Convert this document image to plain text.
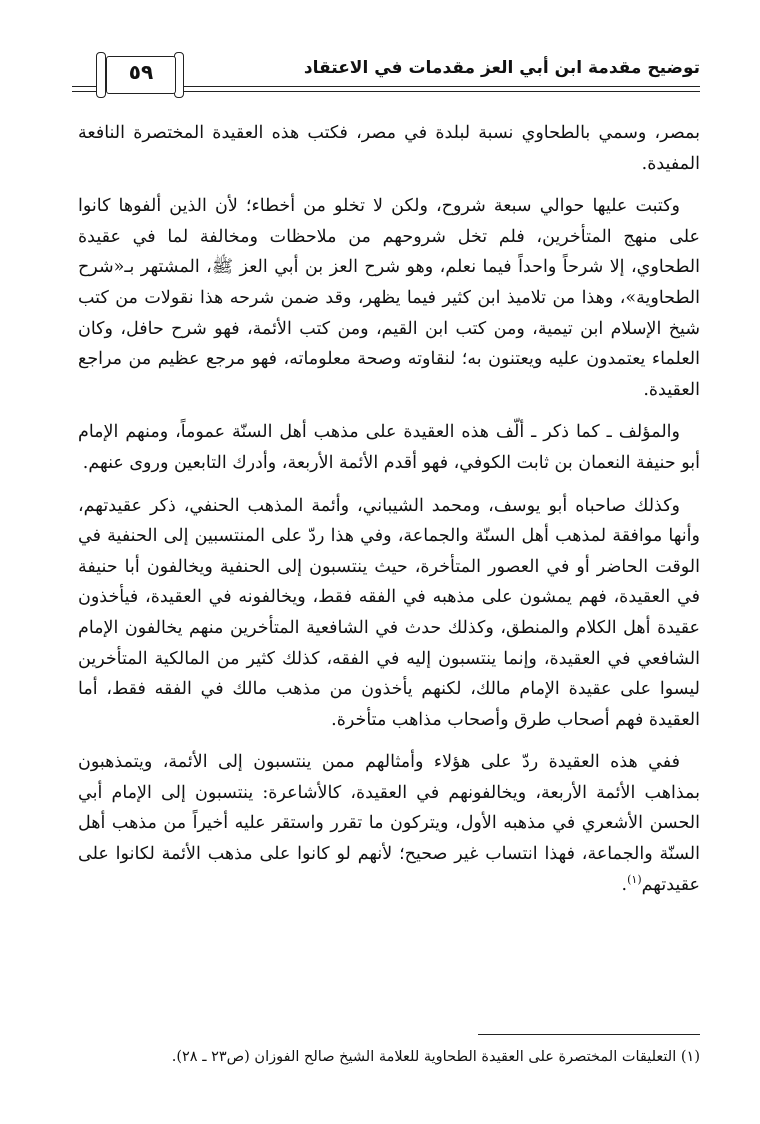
توضيح مقدمة ابن أبي العز مقدمات في الاعتقاد
٥٩

بمصر، وسمي بالطحاوي نسبة لبلدة في مصر، فكتب هذه العقيدة المختصرة النافعة المفيدة.

وكتبت عليها حوالي سبعة شروح، ولكن لا تخلو من أخطاء؛ لأن الذين ألفوها كانوا على منهج المتأخرين، فلم تخل شروحهم من ملاحظات ومخالفة لما في عقيدة الطحاوي، إلا شرحاً واحداً فيما نعلم، وهو شرح العز بن أبي العز ﷺ، المشتهر بـ«شرح الطحاوية»، وهذا من تلاميذ ابن كثير فيما يظهر، وقد ضمن شرحه هذا نقولات من كتب شيخ الإسلام ابن تيمية، ومن كتب ابن القيم، ومن كتب الأئمة، فهو شرح حافل، وكان العلماء يعتمدون عليه ويعتنون به؛ لنقاوته وصحة معلوماته، فهو مرجع عظيم من مراجع العقيدة.

والمؤلف ـ كما ذكر ـ ألّف هذه العقيدة على مذهب أهل السنّة عموماً، ومنهم الإمام أبو حنيفة النعمان بن ثابت الكوفي، فهو أقدم الأئمة الأربعة، وأدرك التابعين وروى عنهم.

وكذلك صاحباه أبو يوسف، ومحمد الشيباني، وأئمة المذهب الحنفي، ذكر عقيدتهم، وأنها موافقة لمذهب أهل السنّة والجماعة، وفي هذا ردّ على المنتسبين إلى الحنفية في الوقت الحاضر أو في العصور المتأخرة، حيث ينتسبون إلى الحنفية ويخالفون أبا حنيفة في العقيدة، فهم يمشون على مذهبه في الفقه فقط، ويخالفونه في العقيدة، فيأخذون عقيدة أهل الكلام والمنطق، وكذلك حدث في الشافعية المتأخرين منهم يخالفون الإمام الشافعي في العقيدة، وإنما ينتسبون إليه في الفقه، كذلك كثير من المالكية المتأخرين ليسوا على عقيدة الإمام مالك، لكنهم يأخذون من مذهب مالك في الفقه فقط، أما العقيدة فهم أصحاب طرق وأصحاب مذاهب متأخرة.

ففي هذه العقيدة ردّ على هؤلاء وأمثالهم ممن ينتسبون إلى الأئمة، ويتمذهبون بمذاهب الأئمة الأربعة، ويخالفونهم في العقيدة، كالأشاعرة: ينتسبون إلى الإمام أبي الحسن الأشعري في مذهبه الأول، ويتركون ما تقرر واستقر عليه أخيراً من مذهب أهل السنّة والجماعة، فهذا انتساب غير صحيح؛ لأنهم لو كانوا على مذهب الأئمة لكانوا على عقيدتهم$^{(١)}$.

(١) التعليقات المختصرة على العقيدة الطحاوية للعلامة الشيخ صالح الفوزان (ص٢٣ ـ ٢٨).
